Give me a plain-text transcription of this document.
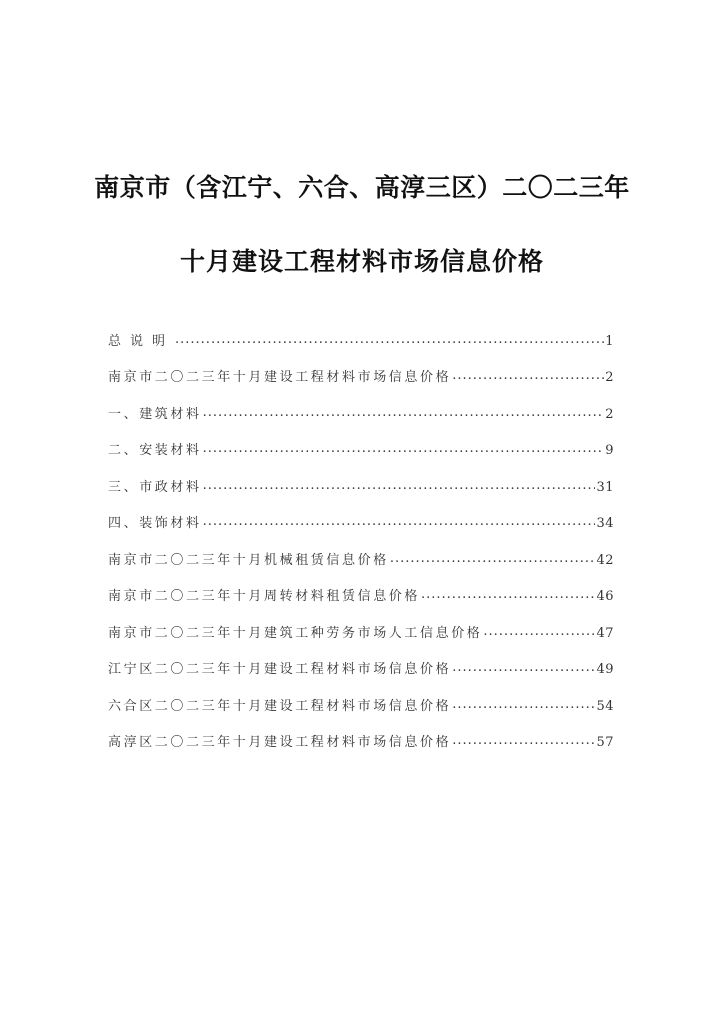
南京市（含江宁、六合、高淳三区）二〇二三年
十月建设工程材料市场信息价格
总说明 .....	1
南京市二〇二三年十月建设工程材料市场信息价格 .....	2
一、建筑材料 .....	2
二、安装材料 .....	9
三、市政材料 .....	31
四、装饰材料 .....	34
南京市二〇二三年十月机械租赁信息价格 .....	42
南京市二〇二三年十月周转材料租赁信息价格 .....	46
南京市二〇二三年十月建筑工种劳务市场人工信息价格 .....	47
江宁区二〇二三年十月建设工程材料市场信息价格 .....	49
六合区二〇二三年十月建设工程材料市场信息价格 .....	54
高淳区二〇二三年十月建设工程材料市场信息价格 .....	57
